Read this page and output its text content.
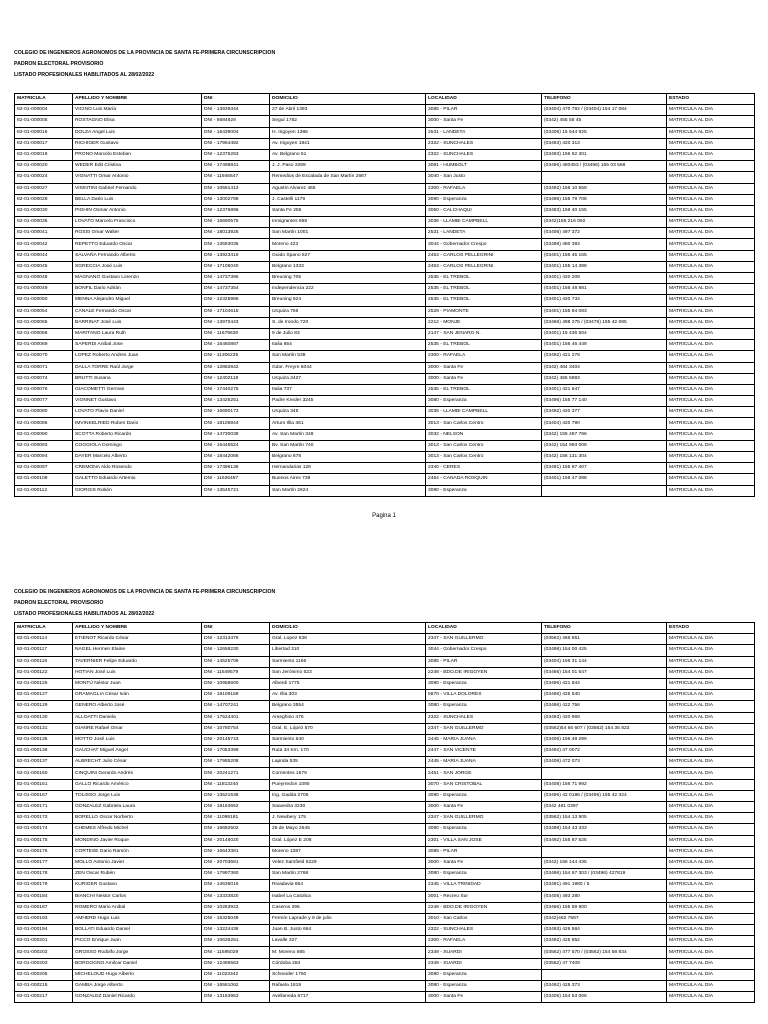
COLEGIO DE INGENIEROS AGRONOMOS DE LA PROVINCIA DE SANTA FE-PRIMERA CIRCUNSCRIPCION
PADRON ELECTORAL PROVISORIO
LISTADO PROFESIONALES HABILITADOS AL 28/02/2022
MATRICULA	APELLIDO Y NOMBRE	DNI	DOMICILIO	LOCALIDAD	TELEFONO	ESTADO
82-01-000004	VICINO Luis María	DNI - 13939344	27 de Abril 1393	3085 - PILAR	(03404) 470 792 / (03404) 154 17 084	MATRICULA AL DIA
82-01-000005	ROSTAGNO Elisa	DNI - 6684929	Seguí 1762	3000 - Santa Fe	(0342) 455 55 45	MATRICULA AL DIA
82-01-000016	DOLZA Angel Luis	DNI - 16439004	H. Irigoyen 1386	2531 - LANDETA	(03406) 15 644 925	MATRICULA AL DIA
82-01-000017	RICHIGER Gustavo	DNI - 17964482	Av. Irigoyen 1841	2322 - SUNCHALES	(03493) 420 313	MATRICULA AL DIA
82-01-000018	PRONO Marcelo Esteban	DNI - 12375263	Av. Belgrano 51	2322 - SUNCHALES	(03493) 156 62 301	MATRICULA AL DIA
82-01-000020	WEDER Edit Cristina	DNI - 17498841	J. J. Paso 2289	3081 - HUMBOLT	(03496) 480453 / (03496) 155 03 568	MATRICULA AL DIA
82-01-000024	VIGNATTI Omar Antonio	DNI - 11946647	Remedios de Escalada de San Martín 2667	3040 - San Justo		MATRICULA AL DIA
82-01-000027	VISINTINI Gabriel Fernando	DNI - 10561413	Agustín Alvarez 465	2300 - RAFAELA	(03492) 156 10 559	MATRICULA AL DIA
82-01-000028	BELLA Dario Luis	DNI - 13002798	J. Castelli 1179	3080 - Esperanza	(03496) 155 79 708	MATRICULA AL DIA
82-01-000030	PIGHIN Osmar Antonio	DNI - 12376896	Santa Fe 255	3050 - CALCHAQUI	(03483) 156 40 155	MATRICULA AL DIA
82-01-000035	LOVATO Marcelo Francisco	DNI - 16690575	Inmigrantes 858	3036 - LLAMBI CAMPBELL	(0342)155 216 092	MATRICULA AL DIA
82-01-000041	ROSSI Omar Walter	DNI - 18013925	San Martín 1001	2531 - LANDETA	(03406) 497 372	MATRICULA AL DIA
82-01-000042	REPETTO Eduardo Oscar	DNI - 13583035	Moreno 423	3044 - Gobernador Crespo	(03498) 480 393	MATRICULA AL DIA
82-01-000044	SALVAÑA Fernando Alberto	DNI - 13923416	Guido Spano 527	2453 - CARLOS PELLEGRINI	(03401) 156 45 165	MATRICULA AL DIA
82-01-000045	SGRECCIA José Luis	DNI - 17105040	Belgrano 1333	2453 - CARLOS PELLEGRINI	(03401) 155 14 388	MATRICULA AL DIA
82-01-000048	MAGNANO Gustavo Lorenzo	DNI - 14737395	Breuning 705	2535 - EL TREBOL	(03401) 420 209	MATRICULA AL DIA
82-01-000049	BONFIL Dario Adrián	DNI - 14737354	Independencia 222	2535 - EL TREBOL	(03401) 156 48 881	MATRICULA AL DIA
82-01-000050	MENNA Alejandro Miguel	DNI - 12326986	Breuning 924	2535 - EL TREBOL	(03401) 420 734	MATRICULA AL DIA
82-01-000054	CANALE Fernando Oscar	DNI - 17104615	Urquiza 766	2529 - PIAMONTE	(03401) 155 94 083	MATRICULA AL DIA
82-01-000065	BARRINAT José Luis	DNI - 13970443	S. de Irondo 720	2212 - MONJE	(03466) 498 275 / (03476) 155 42 085	MATRICULA AL DIA
82-01-000066	MARITANO Laura Ruth	DNI - 11679630	9 de Julio 83	2147 - SAN JENARO N.	(03401) 15 436 504	MATRICULA AL DIA
82-01-000069	SAPERDI Anibal Jose	DNI - 16460887	Italia 654	2535 - EL TREBOL	(03401) 156 46 449	MATRICULA AL DIA
82-01-000070	LOPEZ Roberto Andres Juan	DNI - 11306235	San Martín 538	2300 - RAFAELA	(03492) 421 278	MATRICULA AL DIA
82-01-000071	DALLA TORRE Raúl Jorge	DNI - 12882842	Gdor. Freyre 6044	3000 - Santa Fe	(0342) 484 3404	MATRICULA AL DIA
82-01-000074	BRUTTI Susana	DNI - 12402118	Urquiza 2427	3000 - Santa Fe	(0342) 455 5893	MATRICULA AL DIA
82-01-000076	GIACOMETTI German	DNI - 17440275	Italia 737	2535 - EL TREBOL	(03401) 421 647	MATRICULA AL DIA
82-01-000077	VIONNET Gustavo	DNI - 13426251	Padre Kreder 3245	3080 - Esperanza	(03496) 155 77 140	MATRICULA AL DIA
82-01-000080	LOVATO Flavio Daniel	DNI - 16690173	Urquiza 345	3036 - LLAMBI CAMPBELL	(03492) 420 377	MATRICULA AL DIA
82-01-000086	IMVINKELRIED Ruben Dario	DNI - 18106944	Arturo Illia 361	3013 - San Carlos Centro	(03404) 420 790	MATRICULA AL DIA
82-01-000090	SCOTTA Roberto Ricardo	DNI - 14730038	Av. San Martín 348	3032 - NELSON	(0342) 155 487 796	MATRICULA AL DIA
82-01-000093	COGGIOLA Domingo	DNI - 16445524	Bv. San Martín 740	3013 - San Carlos Centro	(0342) 154 993 008	MATRICULA AL DIA
82-01-000094	DAYER Marcelo Alberto	DNI - 18442086	Belgrano 878	3013 - San Carlos Centro	(0342) 156 131 304	MATRICULA AL DIA
82-01-000097	CREMONA Aldo Rosendo	DNI - 17496138	Hernandarias 126	2340 - CERES	(03491) 155 87 407	MATRICULA AL DIA
82-01-000109	GALETTO Eduardo Artemio	DNI - 11626487	Buenos Aires 738	2454 - CANADA ROSQUIN	(03401) 156 47 088	MATRICULA AL DIA
82-01-000112	GIORGIS Rubén	DNI - 13545721	San Martín 2624	3080 - Esperanza		MATRICULA AL DIA
Pagina 1
COLEGIO DE INGENIEROS AGRONOMOS DE LA PROVINCIA DE SANTA FE-PRIMERA CIRCUNSCRIPCION
PADRON ELECTORAL PROVISORIO
LISTADO PROFESIONALES HABILITADOS AL 28/02/2022
MATRICULA	APELLIDO Y NOMBRE	DNI	DOMICILIO	LOCALIDAD	TELEFONO	ESTADO
82-01-000114	ETIENOT Ricardo César	DNI - 12313476	Gral. Lopez 538	2347 - SAN GUILLERMO	(03562) 466 651	MATRICULA AL DIA
82-01-000117	NAGEL Hermen Elaine	DNI - 12658230	Libertad 310	3044 - Gobernador Crespo	(03498) 154 00 425	MATRICULA AL DIA
82-01-000118	TAVERNIER Felipe Eduardo	DNI - 14525706	Sarmiento 1165	3085 - PILAR	(03404) 156 31 144	MATRICULA AL DIA
82-01-000122	HOTIAN José Luis	DNI - 11549579	San Jerónimo 523	2248 - BDO.DE IRIGOYEN	(03466) 154 01 547	MATRICULA AL DIA
82-01-000125	MONTÚ Néstor Juan	DNI - 10958600	Alberdi 1775	3080 - Esperanza	(03496) 421 844	MATRICULA AL DIA
82-01-000127	GRAMAGLIA César Iván	DNI - 18109159	Av. Illia 303	5870 - VILLA DOLORES	(03496) 425 540	MATRICULA AL DIA
82-01-000129	GENERO Alberto José	DNI - 14707241	Belgrano 3554	3080 - Esperanza	(03496) 422 756	MATRICULA AL DIA
82-01-000130	ALLOATTI Daniela	DNI - 17524401	Ameghino 476	2322 - SUNCHALES	(03493) 420 969	MATRICULA AL DIA
82-01-000131	GIANRE Rafael Omar	DNI - 10780754	Gral. E. López 570	2347 - SAN GUILLERMO	(03562)54 66 607 / (03562) 154 35 823	MATRICULA AL DIA
82-01-000135	MOTTO José Luis	DNI - 20145743	Sarmiento 640	2445 - MARIA JUANA	(03406) 156 48 299	MATRICULA AL DIA
82-01-000136	GAUCHAT Miguel Angel	DNI - 17053399	Ruta 34 Km. 170	2447 - SAN VICENTE	(03492) 47 0072	MATRICULA AL DIA
82-01-000137	ALBRECHT Julio César	DNI - 17985208	Laprida 535	2445 - MARIA JUANA	(03406) 472 073	MATRICULA AL DIA
82-01-000150	CINQUINI Gerardo Andrés	DNI - 20241271	Corrientes 1579	2451 - SAN JORGE		MATRICULA AL DIA
82-01-000161	GALLO Ricardo Américo	DNI - 11813240	Pueyrredon 1090	3070 - SAN CRISTOBAL	(03408) 156 71 992	MATRICULA AL DIA
82-01-000167	TOLISSO Jorge Luis	DNI - 13521538	Ing. Gadda 2706	3080 - Esperanza	(03496) 42 0186 / (03496) 155 42 324	MATRICULA AL DIA
82-01-000171	GONZALEZ Gabriela Laura	DNI - 18163652	Saavedra 3230	3000 - Santa Fe	(0342 481 0397	MATRICULA AL DIA
82-01-000173	BORELLO Oscar Norberto	DNI - 11099181	J. Newbery 175	2347 - SAN GUILLERMO	(03562) 154 13 905	MATRICULA AL DIA
82-01-000174	CHEMES Alfredo Michel	DNI - 16682502	25 de Mayo 2545	3080 - Esperanza	(03498) 154 43 333	MATRICULA AL DIA
82-01-000175	MONDINO Javier Roque	DNI - 20146020	Gral. López E 208	2301 - VILLA SAN JOSE	(03492) 155 87 525	MATRICULA AL DIA
82-01-000176	CORTESE Dario Ramón	DNI - 16643381	Moreno 1387	3085 - PILAR		MATRICULA AL DIA
82-01-000177	MOLLO Antonio Javier	DNI - 20703681	Velez Sarsfield 5229	3000 - Santa Fe	(0342) 156 144 435	MATRICULA AL DIA
82-01-000178	ZEN Oscar Rubén	DNI - 17997360	San Martín 2768	3080 - Esperanza	(03496) 154 67 303 / (03496) 427819	MATRICULA AL DIA
82-01-000179	KURIGER Gustavo	DNI - 14636016	Rivadavia 654	2345 - VILLA TRINIDAD	(03491) 491 1980 / 5	MATRICULA AL DIA
82-01-000184	BIANCHI Nestor Carlos	DNI - 13333820	Isabel La Catolica	3001 - Recreo Sur	(03405) 493 280	MATRICULA AL DIA
82-01-000187	ROMERO Mario Anibal	DNI - 10263923	Caseros 296	2248 - BDO.DE IRIGOYEN	(03466) 155 59 900	MATRICULA AL DIA
82-01-000193	AMHERD Hugo Luis	DNI - 16325049	Fermín Laprade y 9 de julio	3010 - San Carlos	(0342)462 7587	MATRICULA AL DIA
82-01-000194	BOLLATI Eduardo Daniel	DNI - 13224436	Juan B. Justo 664	2322 - SUNCHALES	(03493) 426 584	MATRICULA AL DIA
82-01-000201	PICCO Enrique Juan	DNI - 10636251	Lavalle 327	2300 - RAFAELA	(03492) 425 852	MATRICULA AL DIA
82-01-000202	GROSSO Rodolfo Jorge	DNI - 11595029	M. Moreno 665	2349 - SUARDI	(03562) 477 570 / (03562) 154 58 834	MATRICULA AL DIA
82-01-000203	BORGOGNO Amilcar Daniel	DNI - 12495563	Córdoba 284	2349 - SUARDI	(03562) 47 7409	MATRICULA AL DIA
82-01-000205	MICHELOUD Hugo Alberto	DNI - 11023342	Schneider 1750	3080 - Esperanza		MATRICULA AL DIA
82-01-000215	GAMBA Jorge Alberto	DNI - 16561062	Rafaela 1819	3080 - Esperanza	(03492) 425 373	MATRICULA AL DIA
82-01-000217	GONZALEZ Daniel Ricardo	DNI - 13163953	Avellaneda 6717	3000 - Santa Fe	(03405) 154 53 066	MATRICULA AL DIA
